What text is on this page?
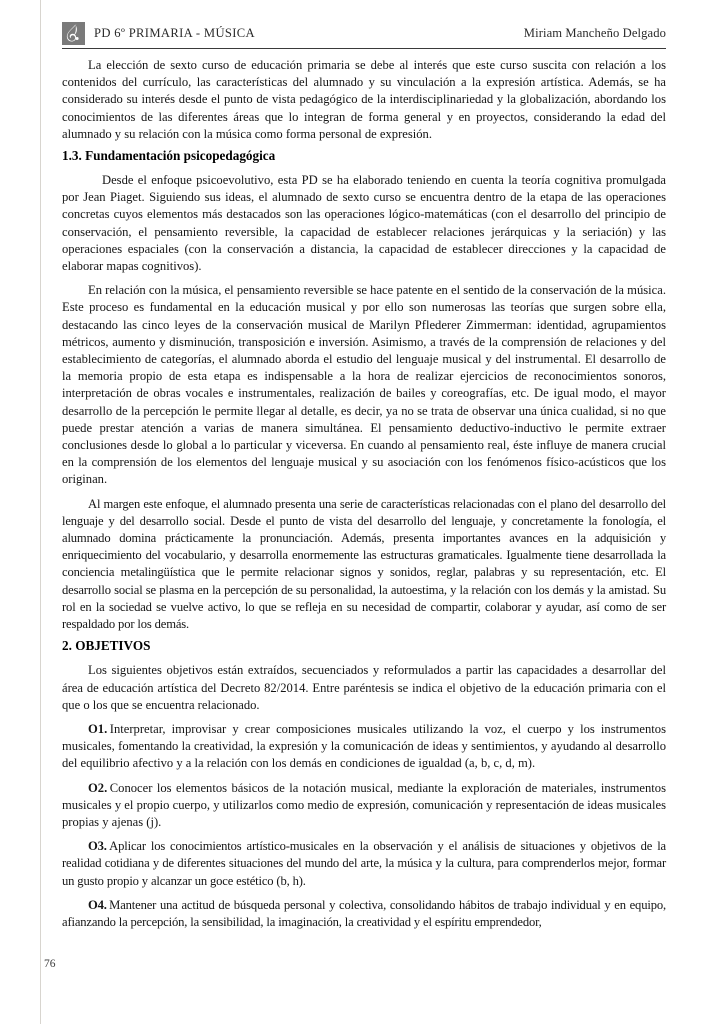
PD 6º PRIMARIA - MÚSICA	Miriam Mancheño Delgado

La elección de sexto curso de educación primaria se debe al interés que este curso suscita con relación a los contenidos del currículo, las características del alumnado y su vinculación a la expresión artística. Además, se ha considerado su interés desde el punto de vista pedagógico de la interdisciplinariedad y la globalización, abordando los conocimientos de las diferentes áreas que lo integran de forma general y en proyectos, considerando la edad del alumnado y su relación con la música como forma personal de expresión.

1.3. Fundamentación psicopedagógica

Desde el enfoque psicoevolutivo, esta PD se ha elaborado teniendo en cuenta la teoría cognitiva promulgada por Jean Piaget. Siguiendo sus ideas, el alumnado de sexto curso se encuentra dentro de la etapa de las operaciones concretas cuyos elementos más destacados son las operaciones lógico-matemáticas (con el desarrollo del principio de conservación, el pensamiento reversible, la capacidad de establecer relaciones jerárquicas y la seriación) y las operaciones espaciales (con la conservación a distancia, la capacidad de establecer direcciones y la capacidad de elaborar mapas cognitivos).

En relación con la música, el pensamiento reversible se hace patente en el sentido de la conservación de la música. Este proceso es fundamental en la educación musical y por ello son numerosas las teorías que surgen sobre ella, destacando las cinco leyes de la conservación musical de Marilyn Pflederer Zimmerman: identidad, agrupamientos métricos, aumento y disminución, transposición e inversión. Asimismo, a través de la comprensión de relaciones y del establecimiento de categorías, el alumnado aborda el estudio del lenguaje musical y del instrumental. El desarrollo de la memoria propio de esta etapa es indispensable a la hora de realizar ejercicios de reconocimientos sonoros, interpretación de obras vocales e instrumentales, realización de bailes y coreografías, etc. De igual modo, el mayor desarrollo de la percepción le permite llegar al detalle, es decir, ya no se trata de observar una única cualidad, si no que puede prestar atención a varias de manera simultánea. El pensamiento deductivo-inductivo le permite extraer conclusiones desde lo global a lo particular y viceversa. En cuando al pensamiento real, éste influye de manera crucial en la comprensión de los elementos del lenguaje musical y su asociación con los fenómenos físico-acústicos que los originan.

Al margen este enfoque, el alumnado presenta una serie de características relacionadas con el plano del desarrollo del lenguaje y del desarrollo social. Desde el punto de vista del desarrollo del lenguaje, y concretamente la fonología, el alumnado domina prácticamente la pronunciación. Además, presenta importantes avances en la adquisición y enriquecimiento del vocabulario, y desarrolla enormemente las estructuras gramaticales. Igualmente tiene desarrollada la conciencia metalingüística que le permite relacionar signos y sonidos, reglar, palabras y su representación, etc. El desarrollo social se plasma en la percepción de su personalidad, la autoestima, y la relación con los demás y la amistad. Su rol en la sociedad se vuelve activo, lo que se refleja en su necesidad de compartir, colaborar y ayudar, así como de ser respaldado por los demás.

2. OBJETIVOS

Los siguientes objetivos están extraídos, secuenciados y reformulados a partir las capacidades a desarrollar del área de educación artística del Decreto 82/2014. Entre paréntesis se indica el objetivo de la educación primaria con el que o los que se encuentra relacionado.

O1. Interpretar, improvisar y crear composiciones musicales utilizando la voz, el cuerpo y los instrumentos musicales, fomentando la creatividad, la expresión y la comunicación de ideas y sentimientos, y ayudando al desarrollo del equilibrio afectivo y a la relación con los demás en condiciones de igualdad (a, b, c, d, m).

O2. Conocer los elementos básicos de la notación musical, mediante la exploración de materiales, instrumentos musicales y el propio cuerpo, y utilizarlos como medio de expresión, comunicación y representación de ideas musicales propias y ajenas (j).

O3. Aplicar los conocimientos artístico-musicales en la observación y el análisis de situaciones y objetivos de la realidad cotidiana y de diferentes situaciones del mundo del arte, la música y la cultura, para comprenderlos mejor, formar un gusto propio y alcanzar un goce estético (b, h).

O4. Mantener una actitud de búsqueda personal y colectiva, consolidando hábitos de trabajo individual y en equipo, afianzando la percepción, la sensibilidad, la imaginación, la creatividad y el espíritu emprendedor,

76
